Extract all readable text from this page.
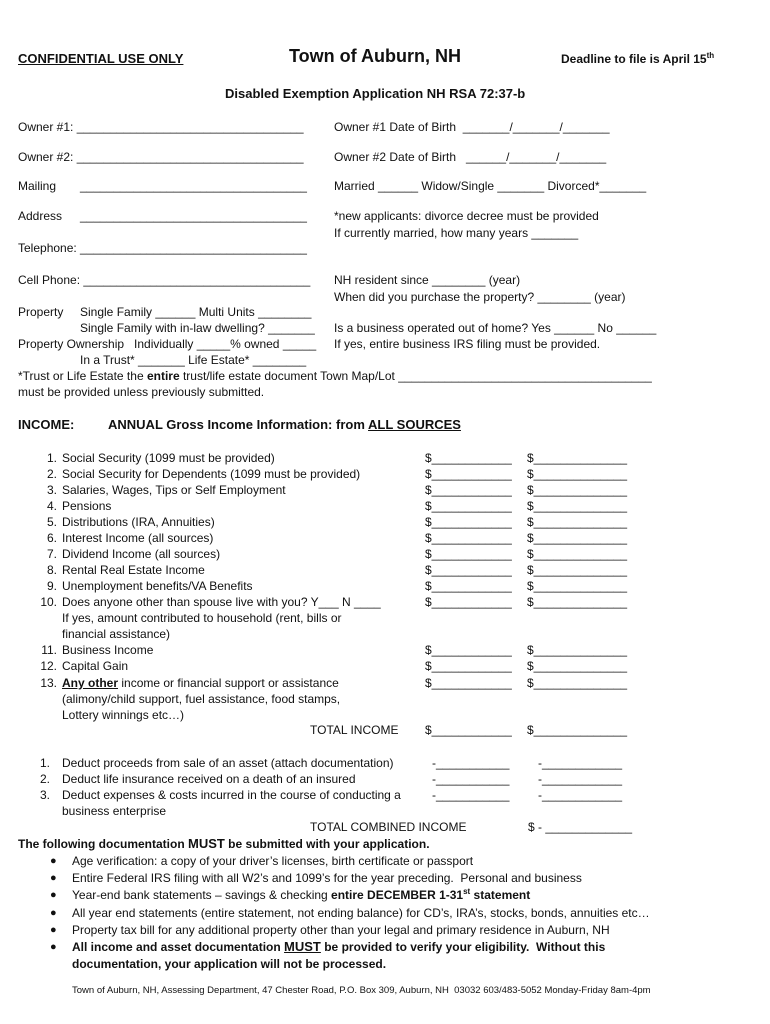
CONFIDENTIAL USE ONLY	Town of Auburn, NH	Deadline to file is April 15th
Disabled Exemption Application NH RSA 72:37-b
Owner #1: __________________________________	Owner #1 Date of Birth  _______/_______/_______
Owner #2: __________________________________	Owner #2 Date of Birth   ______/_______/_______
Mailing __________________________________ Married ______ Widow/Single _______ Divorced*_______
Address __________________________________ *new applicants: divorce decree must be provided
If currently married, how many years _______
Telephone: __________________________________
Cell Phone: __________________________________ NH resident since ________ (year)
When did you purchase the property? ________ (year)
Property Single Family ______ Multi Units ________
Single Family with in-law dwelling? _______ Is a business operated out of home? Yes ______ No ______
Property Ownership   Individually _____% owned _____ If yes, entire business IRS filing must be provided.
In a Trust* _______ Life Estate* ________
*Trust or Life Estate the entire trust/life estate document Town Map/Lot ______________________________________
must be provided unless previously submitted.
INCOME:	ANNUAL Gross Income Information: from ALL SOURCES
1. Social Security (1099 must be provided)	$____________ $______________
2. Social Security for Dependents (1099 must be provided)	$____________ $______________
3. Salaries, Wages, Tips or Self Employment	$____________ $______________
4. Pensions	$____________ $______________
5. Distributions (IRA, Annuities)	$____________ $______________
6. Interest Income (all sources)	$____________ $______________
7. Dividend Income (all sources)	$____________ $______________
8. Rental Real Estate Income	$____________ $______________
9. Unemployment benefits/VA Benefits	$____________ $______________
10. Does anyone other than spouse live with you? Y___ N ____	$____________ $______________
If yes, amount contributed to household (rent, bills or
financial assistance)
11. Business Income	$____________ $______________
12. Capital Gain	$____________ $______________
13. Any other income or financial support or assistance	$____________ $______________
(alimony/child support, fuel assistance, food stamps,
Lottery winnings etc…)
TOTAL INCOME $____________ $______________
1. Deduct proceeds from sale of an asset (attach documentation)	-___________ -____________
2. Deduct life insurance received on a death of an insured	-___________ -____________
3. Deduct expenses & costs incurred in the course of conducting a	-___________ -____________
business enterprise
TOTAL COMBINED INCOME	$ - _____________
The following documentation MUST be submitted with your application.
● Age verification: a copy of your driver’s licenses, birth certificate or passport
● Entire Federal IRS filing with all W2’s and 1099’s for the year preceding.  Personal and business
● Year-end bank statements – savings & checking entire DECEMBER 1-31st statement
● All year end statements (entire statement, not ending balance) for CD’s, IRA’s, stocks, bonds, annuities etc…
● Property tax bill for any additional property other than your legal and primary residence in Auburn, NH
● All income and asset documentation MUST be provided to verify your eligibility.  Without this
documentation, your application will not be processed.
Town of Auburn, NH, Assessing Department, 47 Chester Road, P.O. Box 309, Auburn, NH  03032 603/483-5052 Monday-Friday 8am-4pm
